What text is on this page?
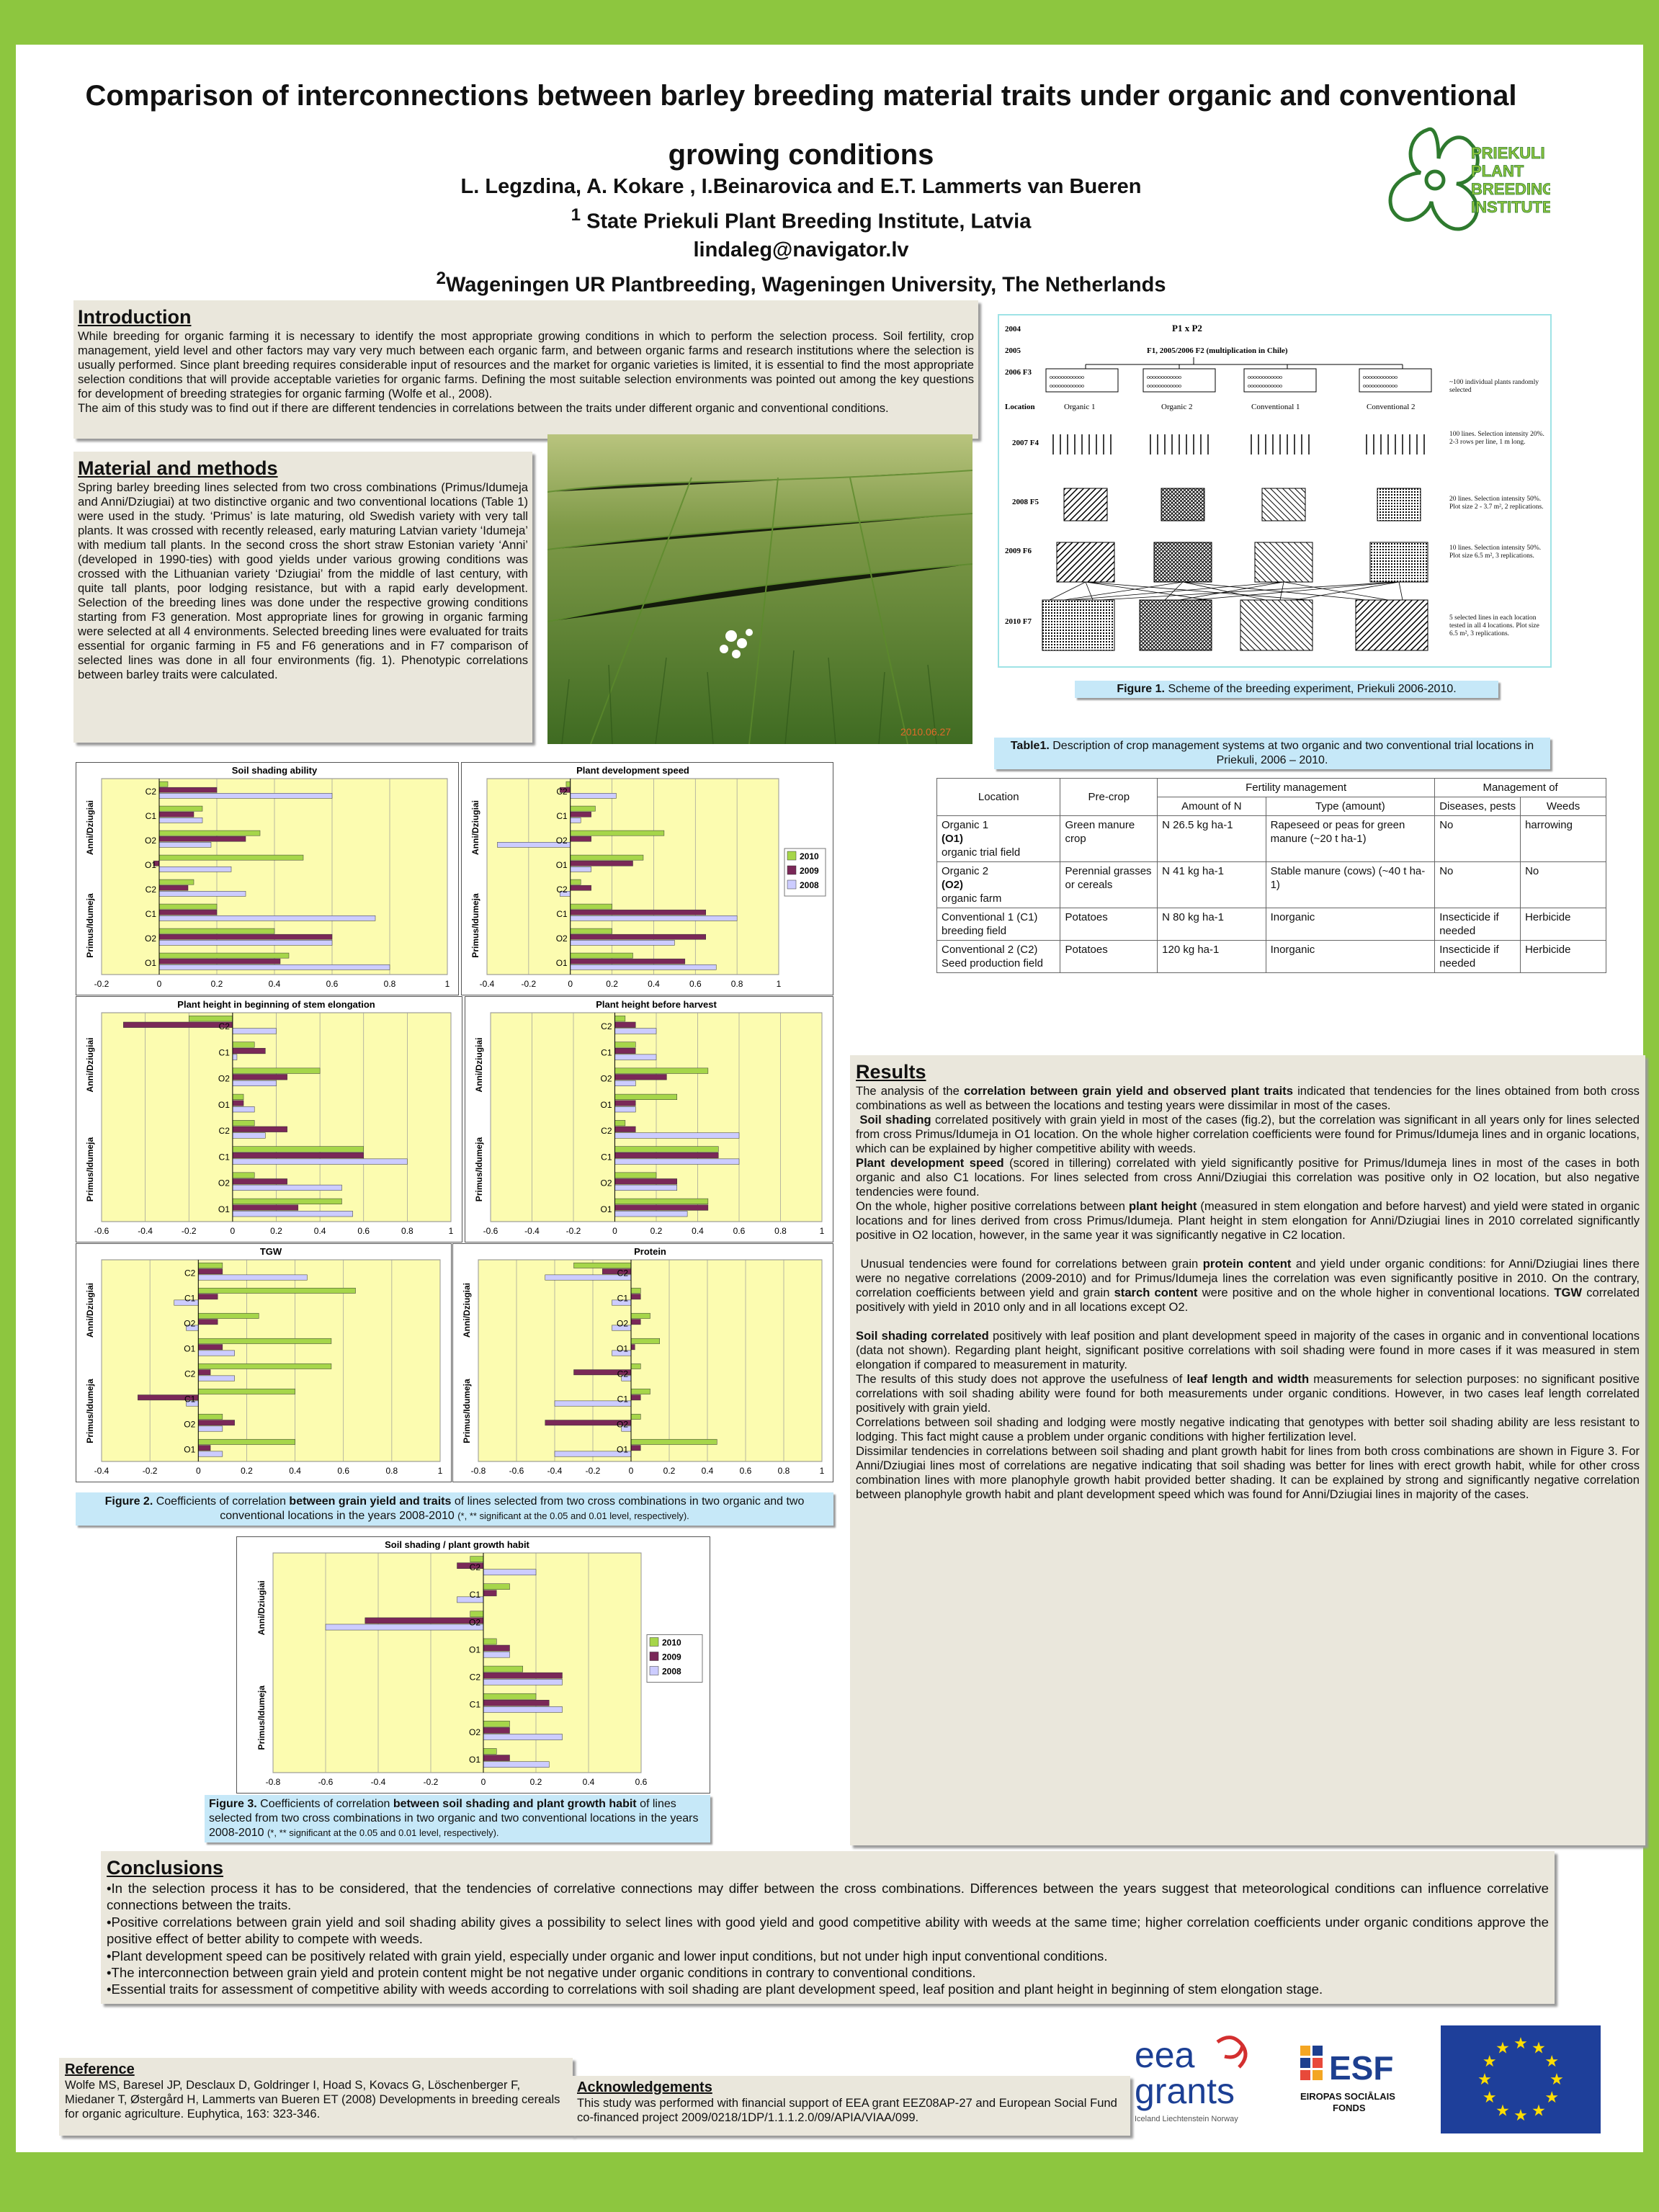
Comparison of interconnections between barley breeding material traits under organic and conventional growing conditions
L. Legzdina, A. Kokare , I.Beinarovica and E.T. Lammerts van Bueren
$^1$ State Priekuli Plant Breeding Institute, Latvia
lindaleg@navigator.lv
$^2$Wageningen UR Plantbreeding, Wageningen University, The Netherlands
PRIEKULI
PLANT
BREEDING
INSTITUTE
Introduction

While breeding for organic farming it is necessary to identify the most appropriate growing conditions in which to perform the selection process. Soil fertility, crop management, yield level and other factors may vary very much between each organic farm, and between organic farms and research institutions where the selection is usually performed. Since plant breeding requires considerable input of resources and the market for organic varieties is limited, it is essential to find the most appropriate selection conditions that will provide acceptable varieties for organic farms. Defining the most suitable selection environments was pointed out among the key questions for development of breeding strategies for organic farming (Wolfe et al., 2008).

The aim of this study was to find out if there are different tendencies in correlations between the traits under different organic and conventional conditions.

Material and methods

Spring barley breeding lines selected from two cross combinations (Primus/Idumeja and Anni/Dziugiai) at two distinctive organic and two conventional locations (Table 1) were used in the study. ‘Primus’ is late maturing, old Swedish variety with very tall plants. It was crossed with recently released, early maturing Latvian variety ‘Idumeja’ with medium tall plants. In the second cross the short straw Estonian variety ‘Anni’ (developed in 1990-ties) with good yields under various growing conditions was crossed with the Lithuanian variety ‘Dziugiai’ from the middle of last century, with quite tall plants, poor lodging resistance, but with a rapid early development. Selection of the breeding lines was done under the respective growing conditions starting from F3 generation. Most appropriate lines for growing in organic farming were selected at all 4 environments. Selected breeding lines were evaluated for traits essential for organic farming in F5 and F6 generations and in F7 comparison of selected lines was done in all four environments (fig. 1). Phenotypic correlations between barley traits were calculated.

2010.06.27
2004
2005
2006 F3
Location
2007 F4
2008 F5
2009 F6
2010 F7
P1 x P2
F1, 2005/2006 F2 (multiplication in Chile)
oooooooooooo
oooooooooooo
oooooooooooo
oooooooooooo
oooooooooooo
oooooooooooo
oooooooooooo
oooooooooooo
Organic 1	Organic 2	Conventional 1	Conventional 2
~100 individual plants randomly selected
100 lines. Selection intensity 20%. 2-3 rows per line, 1 m long.
20 lines. Selection intensity 50%. Plot size 2 - 3.7 m², 2 replications.
10 lines. Selection intensity 50%. Plot size 6.5 m², 3 replications.
5 selected lines in each location tested in all 4 locations. Plot size 6.5 m², 3 replications.
Figure 1. Scheme of the breeding experiment, Priekuli 2006-2010.
Table1. Description of crop management systems at two organic and two conventional trial locations in Priekuli, 2006 – 2010.
Location	Pre-crop	Fertility management		Management of	
		Amount of N	Type (amount)	Diseases, pests	Weeds
Organic 1
(O1)
organic trial field	Green manure crop	N 26.5 kg ha-1	Rapeseed or peas for green manure (~20 t ha-1)	No	harrowing
Organic 2
(O2)
organic farm	Perennial grasses or cereals	N 41 kg ha-1	Stable manure (cows) (~40 t ha-1)	No	No
Conventional 1 (C1)
breeding field	Potatoes	N 80 kg ha-1	Inorganic	Insecticide if needed	Herbicide
Conventional 2 (C2)
Seed production field	Potatoes	120 kg ha-1	Inorganic	Insecticide if needed	Herbicide
Soil shading ability
-0.2	0	0.2	0.4	0.6	0.8	1
C2
C1
O2
O1
C2
C1
O2
O1
Anni/Dziugiai
Primus/Idumeja
Plant development speed
-0.4	-0.2	0	0.2	0.4	0.6	0.8	1
C2
C1
O2
O1
C2
C1
O2
O1
Anni/Dziugiai
Primus/Idumeja
2010
2009
2008
Plant height in beginning of stem elongation
-0.6	-0.4	-0.2	0	0.2	0.4	0.6	0.8	1
C2
C1
O2
O1
C2
C1
O2
O1
Anni/Dziugiai
Primus/Idumeja
Plant height before harvest
-0.6	-0.4	-0.2	0	0.2	0.4	0.6	0.8	1
C2
C1
O2
O1
C2
C1
O2
O1
Anni/Dziugiai
Primus/Idumeja
TGW
-0.4	-0.2	0	0.2	0.4	0.6	0.8	1
C2
C1
O2
O1
C2
C1
O2
O1
Anni/Dziugiai
Primus/Idumeja
Protein
-0.8	-0.6	-0.4	-0.2	0	0.2	0.4	0.6	0.8	1
C2
C1
O2
O1
C2
C1
O2
O1
Anni/Dziugiai
Primus/Idumeja
Figure 2. Coefficients of correlation between grain yield and traits of lines selected from two cross combinations in two organic and two conventional locations in the years 2008-2010 (*, ** significant at the 0.05 and 0.01 level, respectively).
Soil shading / plant growth habit
-0.8	-0.6	-0.4	-0.2	0	0.2	0.4	0.6
C2
C1
O2
O1
C2
C1
O2
O1
Anni/Dziugiai
Primus/Idumeja
2010
2009
2008
Figure 3. Coefficients of correlation between soil shading and plant growth habit of lines selected from two cross combinations in two organic and two conventional locations in the years 2008-2010 (*, ** significant at the 0.05 and 0.01 level, respectively).
Results

The analysis of the correlation between grain yield and observed plant traits indicated that tendencies for the lines obtained from both cross combinations as well as between the locations and testing years were dissimilar in most of the cases.

Soil shading correlated positively with grain yield in most of the cases (fig.2), but the correlation was significant in all years only for lines selected from cross Primus/Idumeja in O1 location. On the whole higher correlation coefficients were found for Primus/Idumeja lines and in organic locations, which can be explained by higher competitive ability with weeds.

Plant development speed (scored in tillering) correlated with yield significantly positive for Primus/Idumeja lines in most of the cases in both organic and also C1 locations. For lines selected from cross Anni/Dziugiai this correlation was positive only in O2 location, but also negative tendencies were found.

On the whole, higher positive correlations between plant height (measured in stem elongation and before harvest) and yield were stated in organic locations and for lines derived from cross Primus/Idumeja. Plant height in stem elongation for Anni/Dziugiai lines in 2010 correlated significantly positive in O2 location, however, in the same year it was significantly negative in C2 location.

Unusual tendencies were found for correlations between grain protein content and yield under organic conditions: for Anni/Dziugiai lines there were no negative correlations (2009-2010) and for Primus/Idumeja lines the correlation was even significantly positive in 2010. On the contrary, correlation coefficients between yield and grain starch content were positive and on the whole higher in conventional locations. TGW correlated positively with yield in 2010 only and in all locations except O2.

Soil shading correlated positively with leaf position and plant development speed in majority of the cases in organic and in conventional locations (data not shown). Regarding plant height, significant positive correlations with soil shading were found in more cases if it was measured in stem elongation if compared to measurement in maturity.

The results of this study does not approve the usefulness of leaf length and width measurements for selection purposes: no significant positive correlations with soil shading ability were found for both measurements under organic conditions. However, in two cases leaf length correlated positively with grain yield.

Correlations between soil shading and lodging were mostly negative indicating that genotypes with better soil shading ability are less resistant to lodging. This fact might cause a problem under organic conditions with higher fertilization level.

Dissimilar tendencies in correlations between soil shading and plant growth habit for lines from both cross combinations are shown in Figure 3. For Anni/Dziugiai lines most of correlations are negative indicating that soil shading was better for lines with erect growth habit, while for other cross combination lines with more planophyle growth habit provided better shading. It can be explained by strong and significantly negative correlation between planophyle growth habit and plant development speed which was found for Anni/Dziugiai lines in majority of the cases.

Conclusions

•In the selection process it has to be considered, that the tendencies of correlative connections may differ between the cross combinations. Differences between the years suggest that meteorological conditions can influence correlative connections between the traits.

•Positive correlations between grain yield and soil shading ability gives a possibility to select lines with good yield and good competitive ability with weeds at the same time; higher correlation coefficients under organic conditions approve the positive effect of better ability to compete with weeds.

•Plant development speed can be positively related with grain yield, especially under organic and lower input conditions, but not under high input conventional conditions.

•The interconnection between grain yield and protein content might be not negative under organic conditions in contrary to conventional conditions.

•Essential traits for assessment of competitive ability with weeds according to correlations with soil shading are plant development speed, leaf position and plant height in beginning of stem elongation stage.

Reference

Wolfe MS, Baresel JP, Desclaux D, Goldringer I, Hoad S, Kovacs G, Löschenberger F, Miedaner T, Østergård H, Lammerts van Bueren ET (2008) Developments in breeding cereals for organic agriculture. Euphytica, 163: 323-346.

Acknowledgements

This study was performed with financial support of EEA grant EEZ08AP-27 and European Social Fund co-financed project 2009/0218/1DP/1.1.1.2.0/09/APIA/VIAA/099.

eea
grants
Iceland Liechtenstein Norway
ESF
EIROPAS SOCIĀLAIS
FONDS
★ ★
★
★
★
★
★
★
★
★
★
★
